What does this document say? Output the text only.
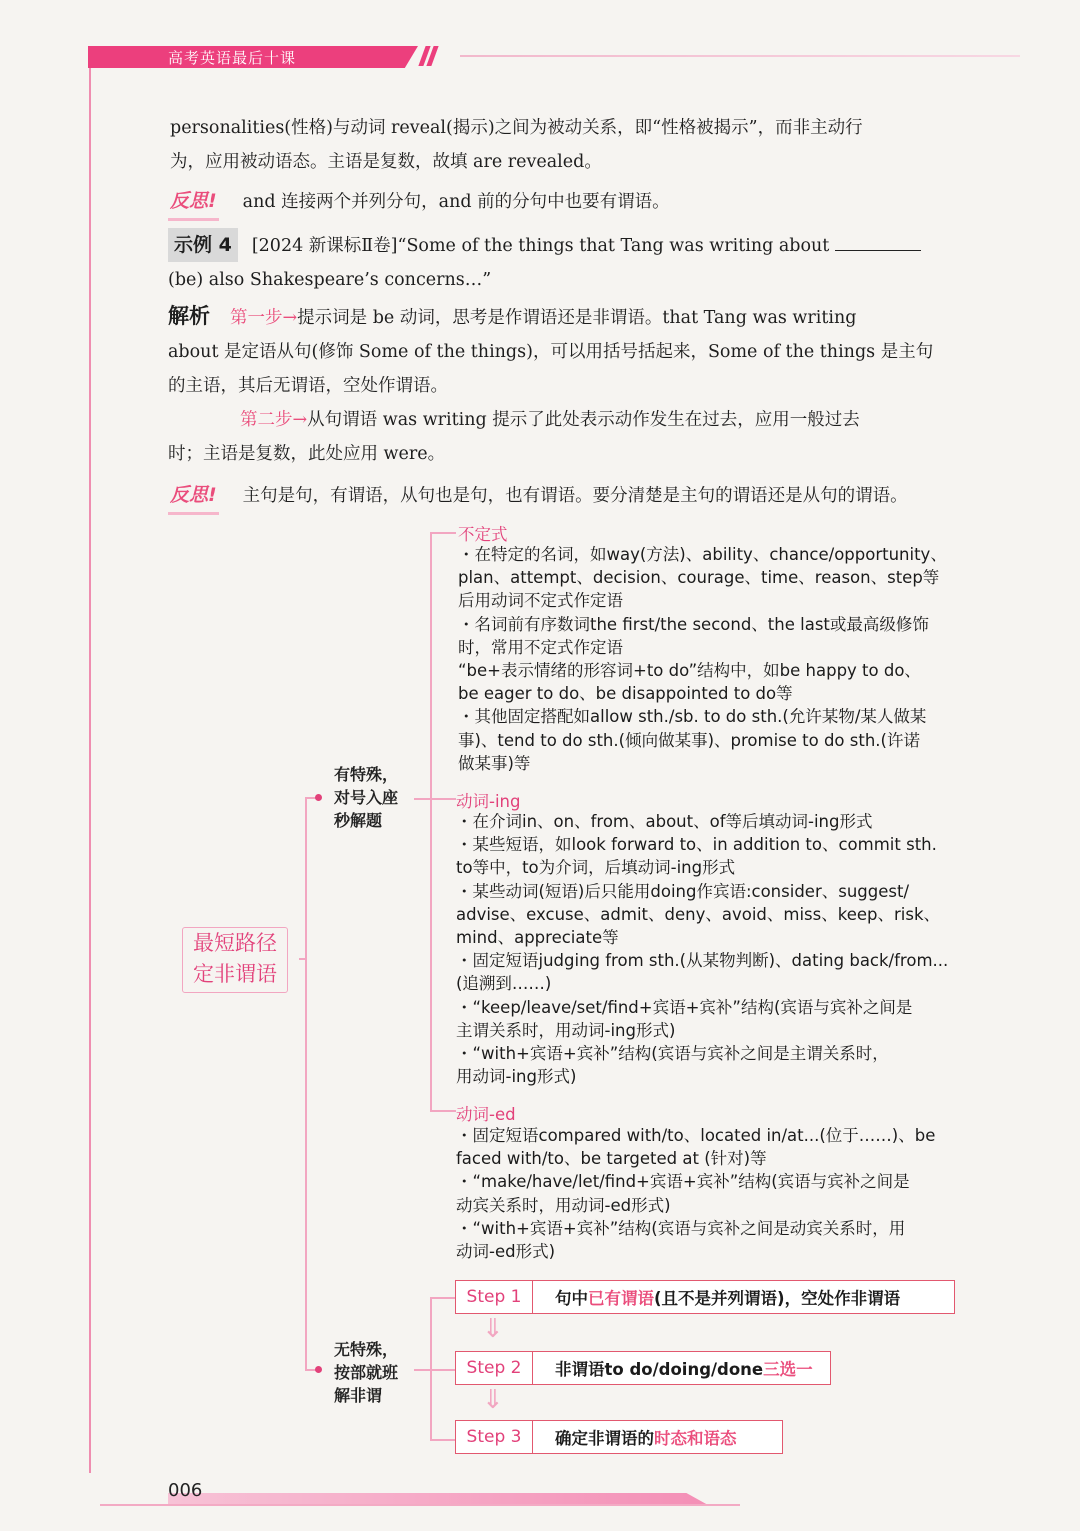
高考英语最后十课
personalities(性格)与动词 reveal(揭示)之间为被动关系，即“性格被揭示”，而非主动行
为，应用被动语态。主语是复数，故填 are revealed。
反思! and 连接两个并列分句，and 前的分句中也要有谓语。
示例 4 [2024 新课标Ⅱ卷]“Some of the things that Tang was writing about
(be) also Shakespeare’s concerns…”
解析 第一步→提示词是 be 动词，思考是作谓语还是非谓语。that Tang was writing
about 是定语从句(修饰 Some of the things)，可以用括号括起来，Some of the things 是主句
的主语，其后无谓语，空处作谓语。
第二步→从句谓语 was writing 提示了此处表示动作发生在过去，应用一般过去
时；主语是复数，此处应用 were。
反思! 主句是句，有谓语，从句也是句，也有谓语。要分清楚是主句的谓语还是从句的谓语。
最短路径
定非谓语
有特殊，
对号入座
秒解题
无特殊，
按部就班
解非谓
不定式
・在特定的名词，如way(方法)、ability、chance/opportunity、
plan、attempt、decision、courage、time、reason、step等
后用动词不定式作定语
・名词前有序数词the first/the second、the last或最高级修饰
时，常用不定式作定语
“be+表示情绪的形容词+to do”结构中，如be happy to do、
be eager to do、be disappointed to do等
・其他固定搭配如allow sth./sb. to do sth.(允许某物/某人做某
事)、tend to do sth.(倾向做某事)、promise to do sth.(许诺
做某事)等
动词-ing
・在介词in、on、from、about、of等后填动词-ing形式
・某些短语，如look forward to、in addition to、commit sth.
to等中，to为介词，后填动词-ing形式
・某些动词(短语)后只能用doing作宾语:consider、suggest/
advise、excuse、admit、deny、avoid、miss、keep、risk、
mind、appreciate等
・固定短语judging from sth.(从某物判断)、dating back/from...
(追溯到……)
・“keep/leave/set/find+宾语+宾补”结构(宾语与宾补之间是
主谓关系时，用动词-ing形式)
・“with+宾语+宾补”结构(宾语与宾补之间是主谓关系时，
用动词-ing形式)
动词-ed
・固定短语compared with/to、located in/at...(位于……)、be
faced with/to、be targeted at (针对)等
・“make/have/let/find+宾语+宾补”结构(宾语与宾补之间是
动宾关系时，用动词-ed形式)
・“with+宾语+宾补”结构(宾语与宾补之间是动宾关系时，用
动词-ed形式)
Step 1	句中已有谓语(且不是并列谓语)，空处作非谓语
⇓
Step 2	非谓语to do/doing/done三选一
⇓
Step 3	确定非谓语的时态和语态
006
